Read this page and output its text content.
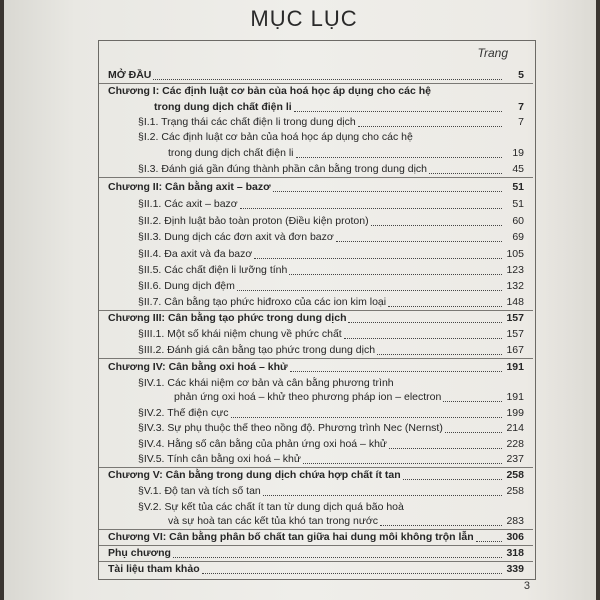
MỤC LỤC
Trang
MỞ ĐẦU	5
Chương I: Các định luật cơ bản của hoá học áp dụng cho các hệ
trong dung dịch chất điện li	7
§I.1. Trạng thái các chất điện li trong dung dịch	7
§I.2. Các định luật cơ bản của hoá học áp dụng cho các hệ
trong dung dịch chất điện li	19
§I.3. Đánh giá gần đúng thành phần cân bằng trong dung dịch	45
Chương II: Cân bằng axit – bazơ	51
§II.1. Các axit – bazơ	51
§II.2. Định luật bảo toàn proton (Điều kiện proton)	60
§II.3. Dung dịch các đơn axit và đơn bazơ	69
§II.4. Đa axit và đa bazơ	105
§II.5. Các chất điện li lưỡng tính	123
§II.6. Dung dịch đệm	132
§II.7. Cân bằng tạo phức hiđroxo của các ion kim loại	148
Chương III: Cân bằng tạo phức trong dung dịch	157
§III.1. Một số khái niệm chung về phức chất	157
§III.2. Đánh giá cân bằng tạo phức trong dung dịch	167
Chương IV: Cân bằng oxi hoá – khử	191
§IV.1. Các khái niệm cơ bản và cân bằng phương trình
phản ứng oxi hoá – khử theo phương pháp ion – electron	191
§IV.2. Thế điện cực	199
§IV.3. Sự phụ thuộc thế theo nồng độ. Phương trình Nec (Nernst)	214
§IV.4. Hằng số cân bằng của phản ứng oxi hoá – khử	228
§IV.5. Tính cân bằng oxi hoá – khử	237
Chương V: Cân bằng trong dung dịch chứa hợp chất ít tan	258
§V.1. Độ tan và tích số tan	258
§V.2. Sự kết tủa các chất ít tan từ dung dịch quá bão hoà
và sự hoà tan các kết tủa khó tan trong nước	283
Chương VI: Cân bằng phân bố chất tan giữa hai dung môi không trộn lẫn	306
Phụ chương	318
Tài liệu tham khảo	339
3
